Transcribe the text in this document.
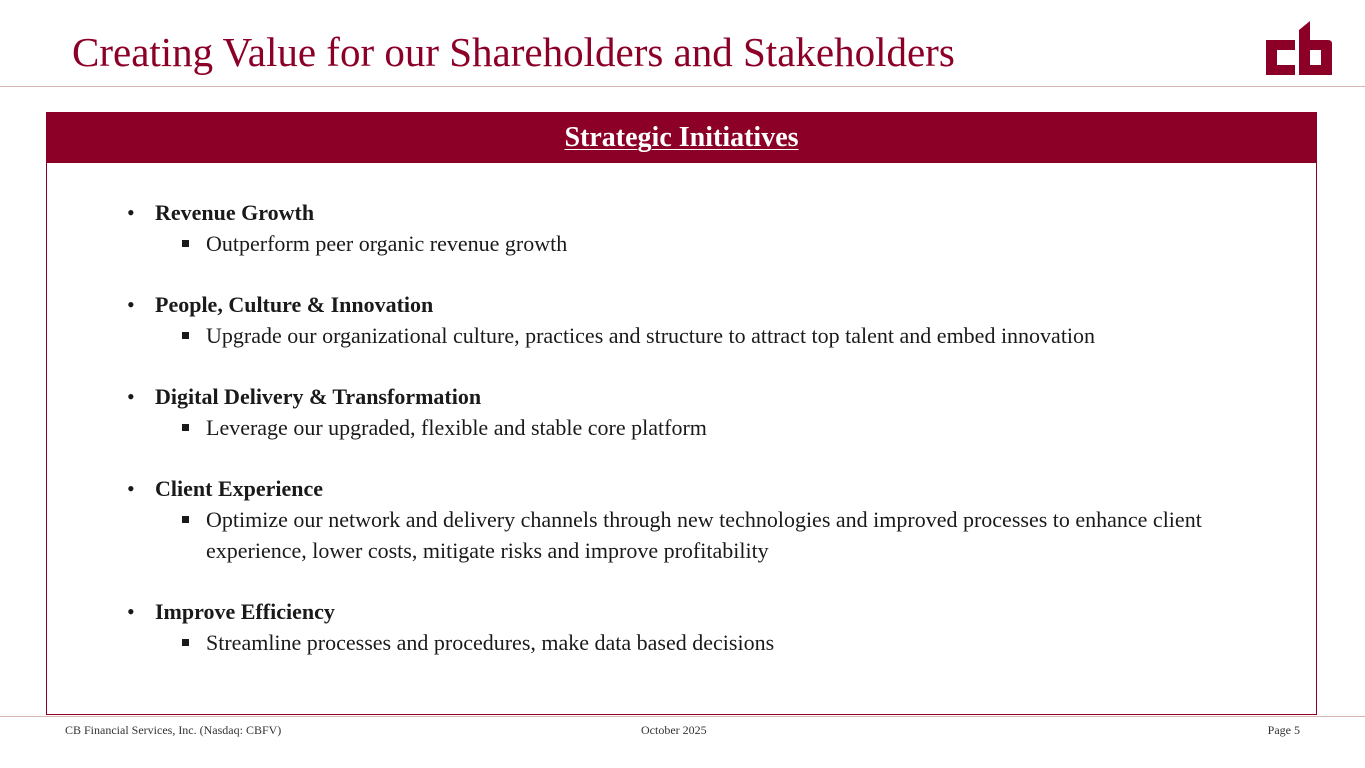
Creating Value for our Shareholders and Stakeholders
Strategic Initiatives
• Revenue Growth
Outperform peer organic revenue growth
• People, Culture & Innovation
Upgrade our organizational culture, practices and structure to attract top talent and embed innovation
• Digital Delivery & Transformation
Leverage our upgraded, flexible and stable core platform
• Client Experience
Optimize our network and delivery channels through new technologies and improved processes to enhance client experience, lower costs, mitigate risks and improve profitability
• Improve Efficiency
Streamline processes and procedures, make data based decisions
CB Financial Services, Inc. (Nasdaq: CBFV)	October 2025	Page 5
